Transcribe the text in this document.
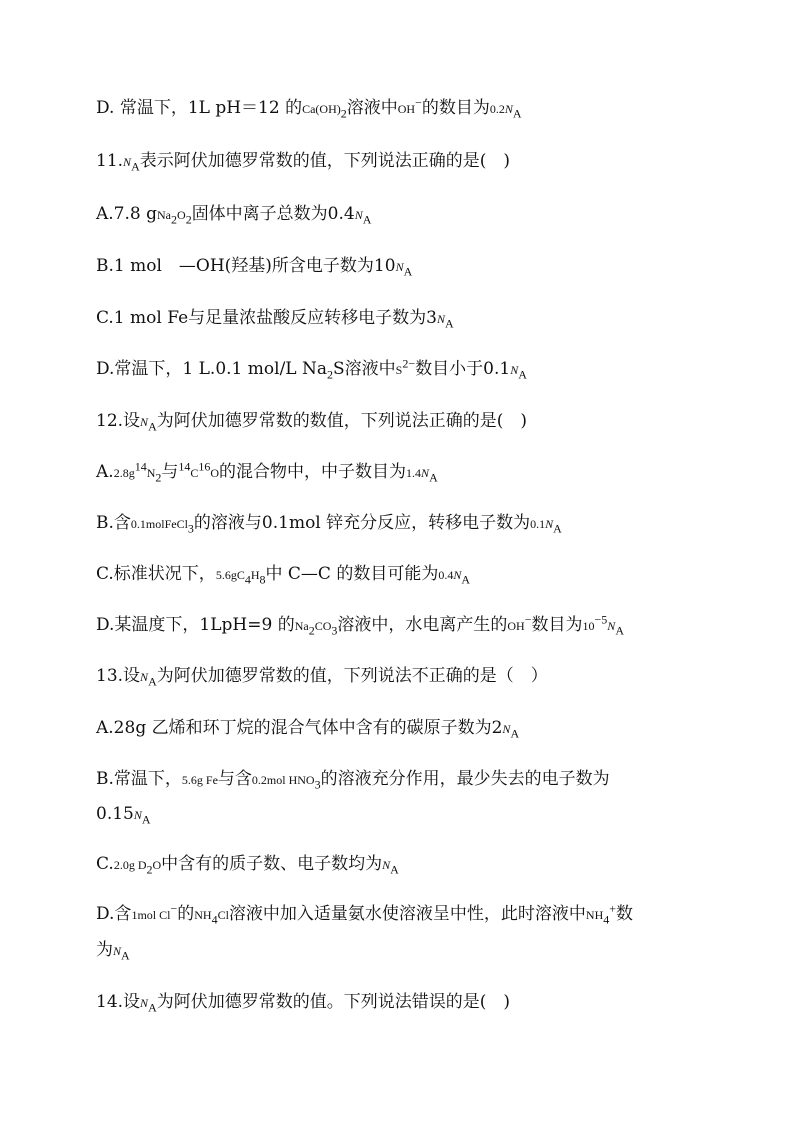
D. 常温下，1L pH＝12 的$Ca(OH)_2$溶液中OH−的数目为$0.2N_A$
$11.N_A$表示阿伏加德罗常数的值，下列说法正确的是(　)
A.7.8 $gNa_2O_2$固体中离子总数为$0.4N_A$
B.1 mol　—OH(羟基)所含电子数为$10N_A$
C.1 mol Fe与足量浓盐酸反应转移电子数为$3N_A$
D.常温下，1 L.0.1 mol/L $Na_2S$溶液中$S^{2-}$数目小于$0.1N_A$
12.设$N_A$为阿伏加德罗常数的数值，下列说法正确的是(　)
$A.2.8g^{14}N_2$与$^{14}C^{16}O$的混合物中，中子数目为$1.4N_A$
B.含0.1molFeCl$_3$的溶液与0.1mol 锌充分反应，转移电子数为$0.1N_A$
C.标准状况下，$5.6gC_4H_8$中 C—C 的数目可能为$0.4N_A$
D.某温度下，1LpH=9 的$Na_2CO_3$溶液中，水电离产生的OH−数目为$10^{-5}N_A$
13.设$N_A$为阿伏加德罗常数的值，下列说法不正确的是（　）
A.28g 乙烯和环丁烷的混合气体中含有的碳原子数为$2N_A$
B.常温下，5.6g Fe与含0.2mol $HNO_3$的溶液充分作用，最少失去的电子数为
$0.15N_A$
C.2.0g $D_2O$中含有的质子数、电子数均为$N_A$
D.含1mol Cl−的$NH_4Cl$溶液中加入适量氨水使溶液呈中性，此时溶液中$NH_4^+$数
为$N_A$
14.设$N_A$为阿伏加德罗常数的值。下列说法错误的是(　)
